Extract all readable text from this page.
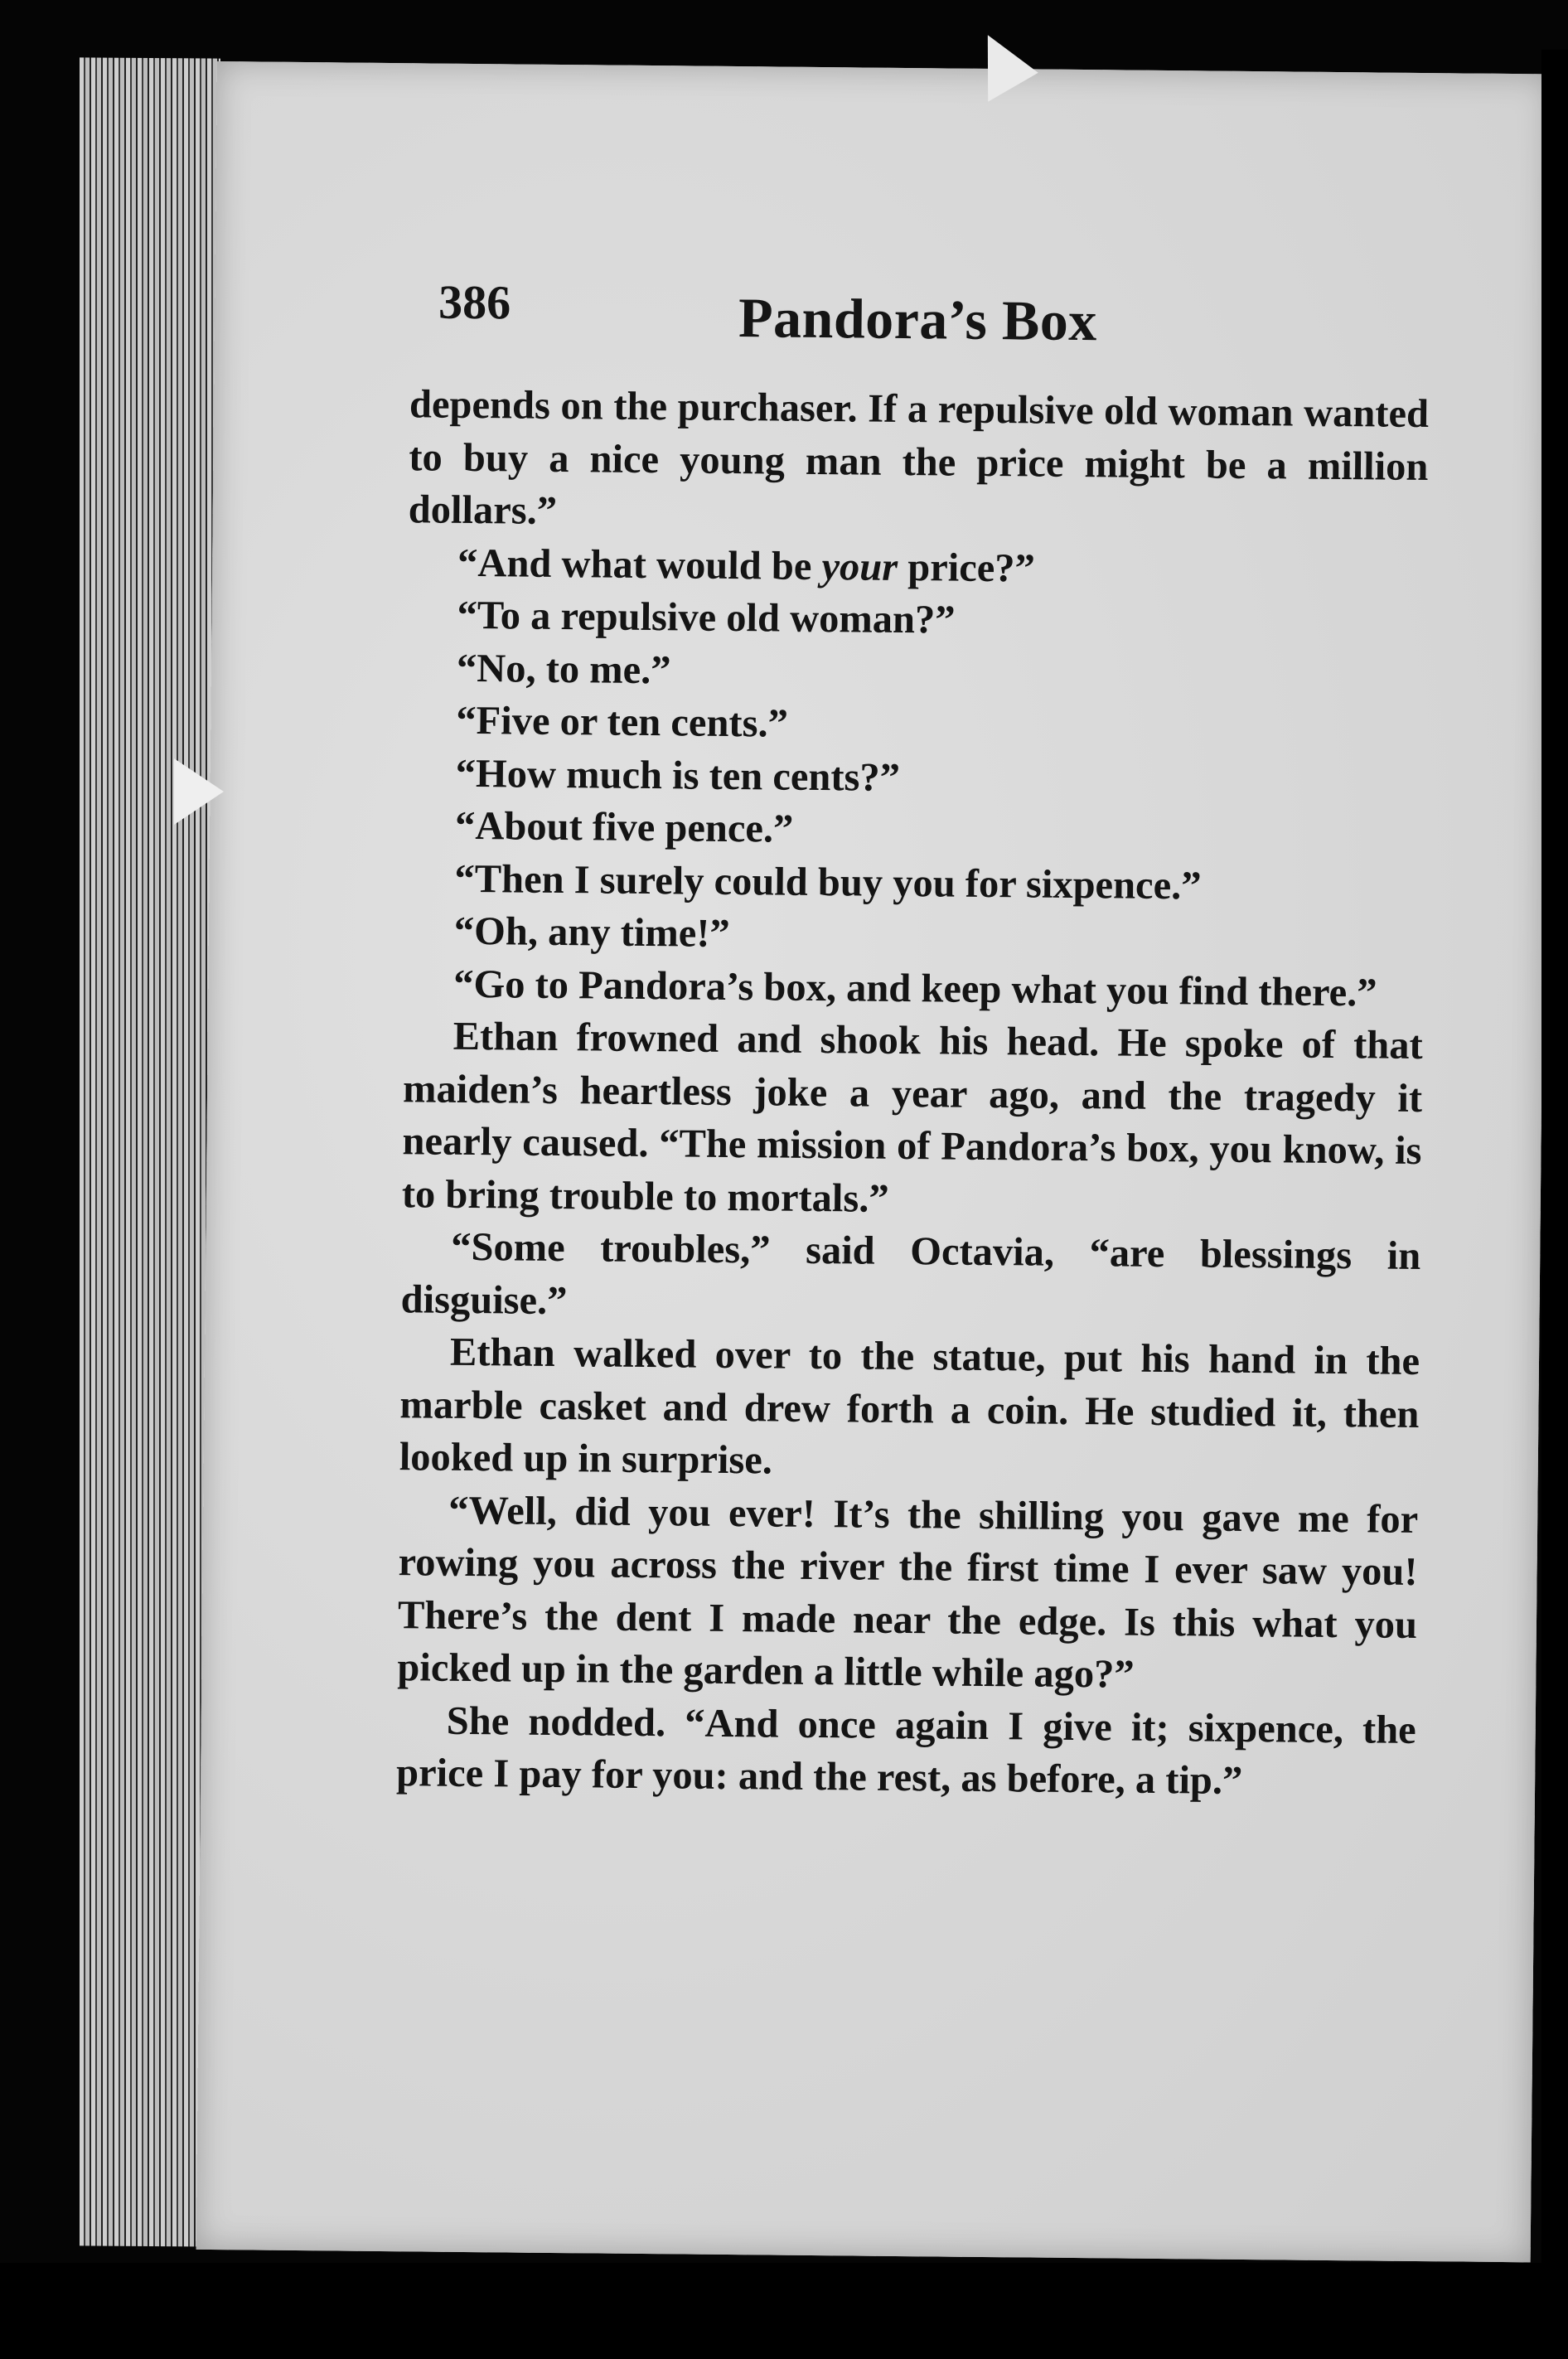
386	Pandora’s Box

depends on the purchaser. If a repulsive old woman wanted to buy a nice young man the price might be a million dollars.”

“And what would be your price?”

“To a repulsive old woman?”

“No, to me.”

“Five or ten cents.”

“How much is ten cents?”

“About five pence.”

“Then I surely could buy you for sixpence.”

“Oh, any time!”

“Go to Pandora’s box, and keep what you find there.”

Ethan frowned and shook his head. He spoke of that maiden’s heartless joke a year ago, and the tragedy it nearly caused. “The mission of Pandora’s box, you know, is to bring trouble to mortals.”

“Some troubles,” said Octavia, “are blessings in disguise.”

Ethan walked over to the statue, put his hand in the marble casket and drew forth a coin. He studied it, then looked up in surprise.

“Well, did you ever! It’s the shilling you gave me for rowing you across the river the first time I ever saw you! There’s the dent I made near the edge. Is this what you picked up in the garden a little while ago?”

She nodded. “And once again I give it; sixpence, the price I pay for you: and the rest, as before, a tip.”
